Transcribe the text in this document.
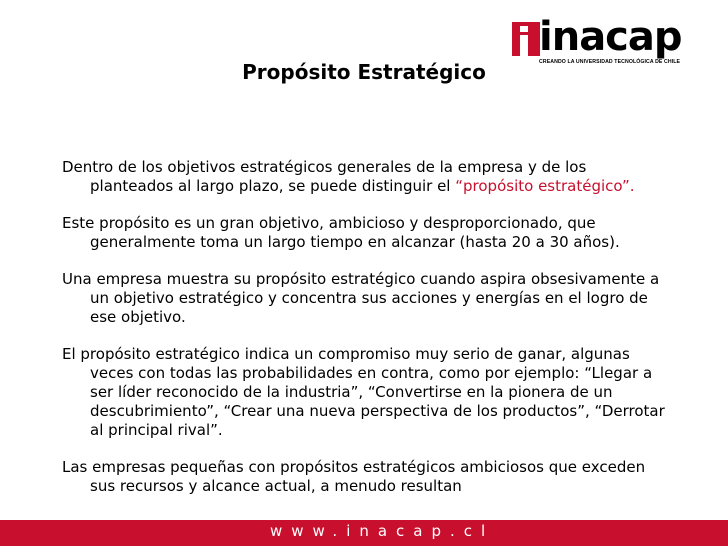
inacap
CREANDO LA UNIVERSIDAD TECNOLÓGICA DE CHILE
Propósito Estratégico

Dentro de los objetivos estratégicos generales de la empresa y de los planteados al largo plazo, se puede distinguir el “propósito estratégico”.

Este propósito es un gran objetivo, ambicioso y desproporcionado, que generalmente toma un largo tiempo en alcanzar (hasta 20 a 30 años).

Una empresa muestra su propósito estratégico cuando aspira obsesivamente a un objetivo estratégico y concentra sus acciones y energías en el logro de ese objetivo.

El propósito estratégico indica un compromiso muy serio de ganar, algunas veces con todas las probabilidades en contra, como por ejemplo: “Llegar a ser líder reconocido de la industria”, “Convertirse en la pionera de un descubrimiento”, “Crear una nueva perspectiva de los productos”, “Derrotar al principal rival”.

Las empresas pequeñas con propósitos estratégicos ambiciosos que exceden sus recursos y alcance actual, a menudo resultan

www.inacap.cl
